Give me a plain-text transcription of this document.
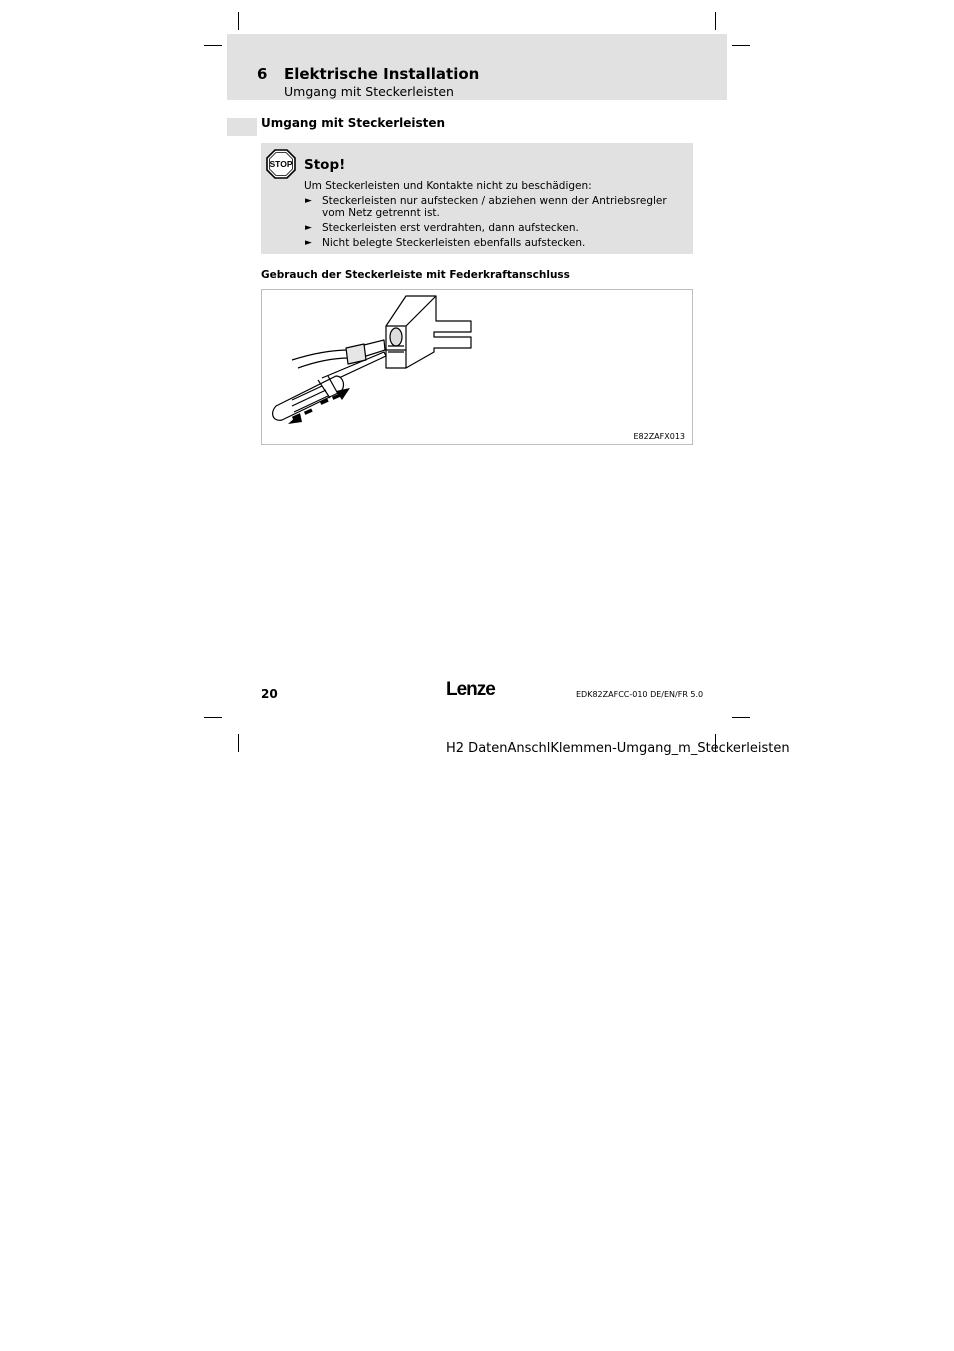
6 Elektrische Installation
Umgang mit Steckerleisten
Umgang mit Steckerleisten
STOP Stop!
Um Steckerleisten und Kontakte nicht zu beschädigen:
► Steckerleisten nur aufstecken / abziehen wenn der Antriebsregler vom Netz getrennt ist.
► Steckerleisten erst verdrahten, dann aufstecken.
► Nicht belegte Steckerleisten ebenfalls aufstecken.
Gebrauch der Steckerleiste mit Federkraftanschluss
E82ZAFX013
20	Lenze	EDK82ZAFCC-010 DE/EN/FR 5.0
H2 DatenAnschlKlemmen-Umgang_m_Steckerleisten
